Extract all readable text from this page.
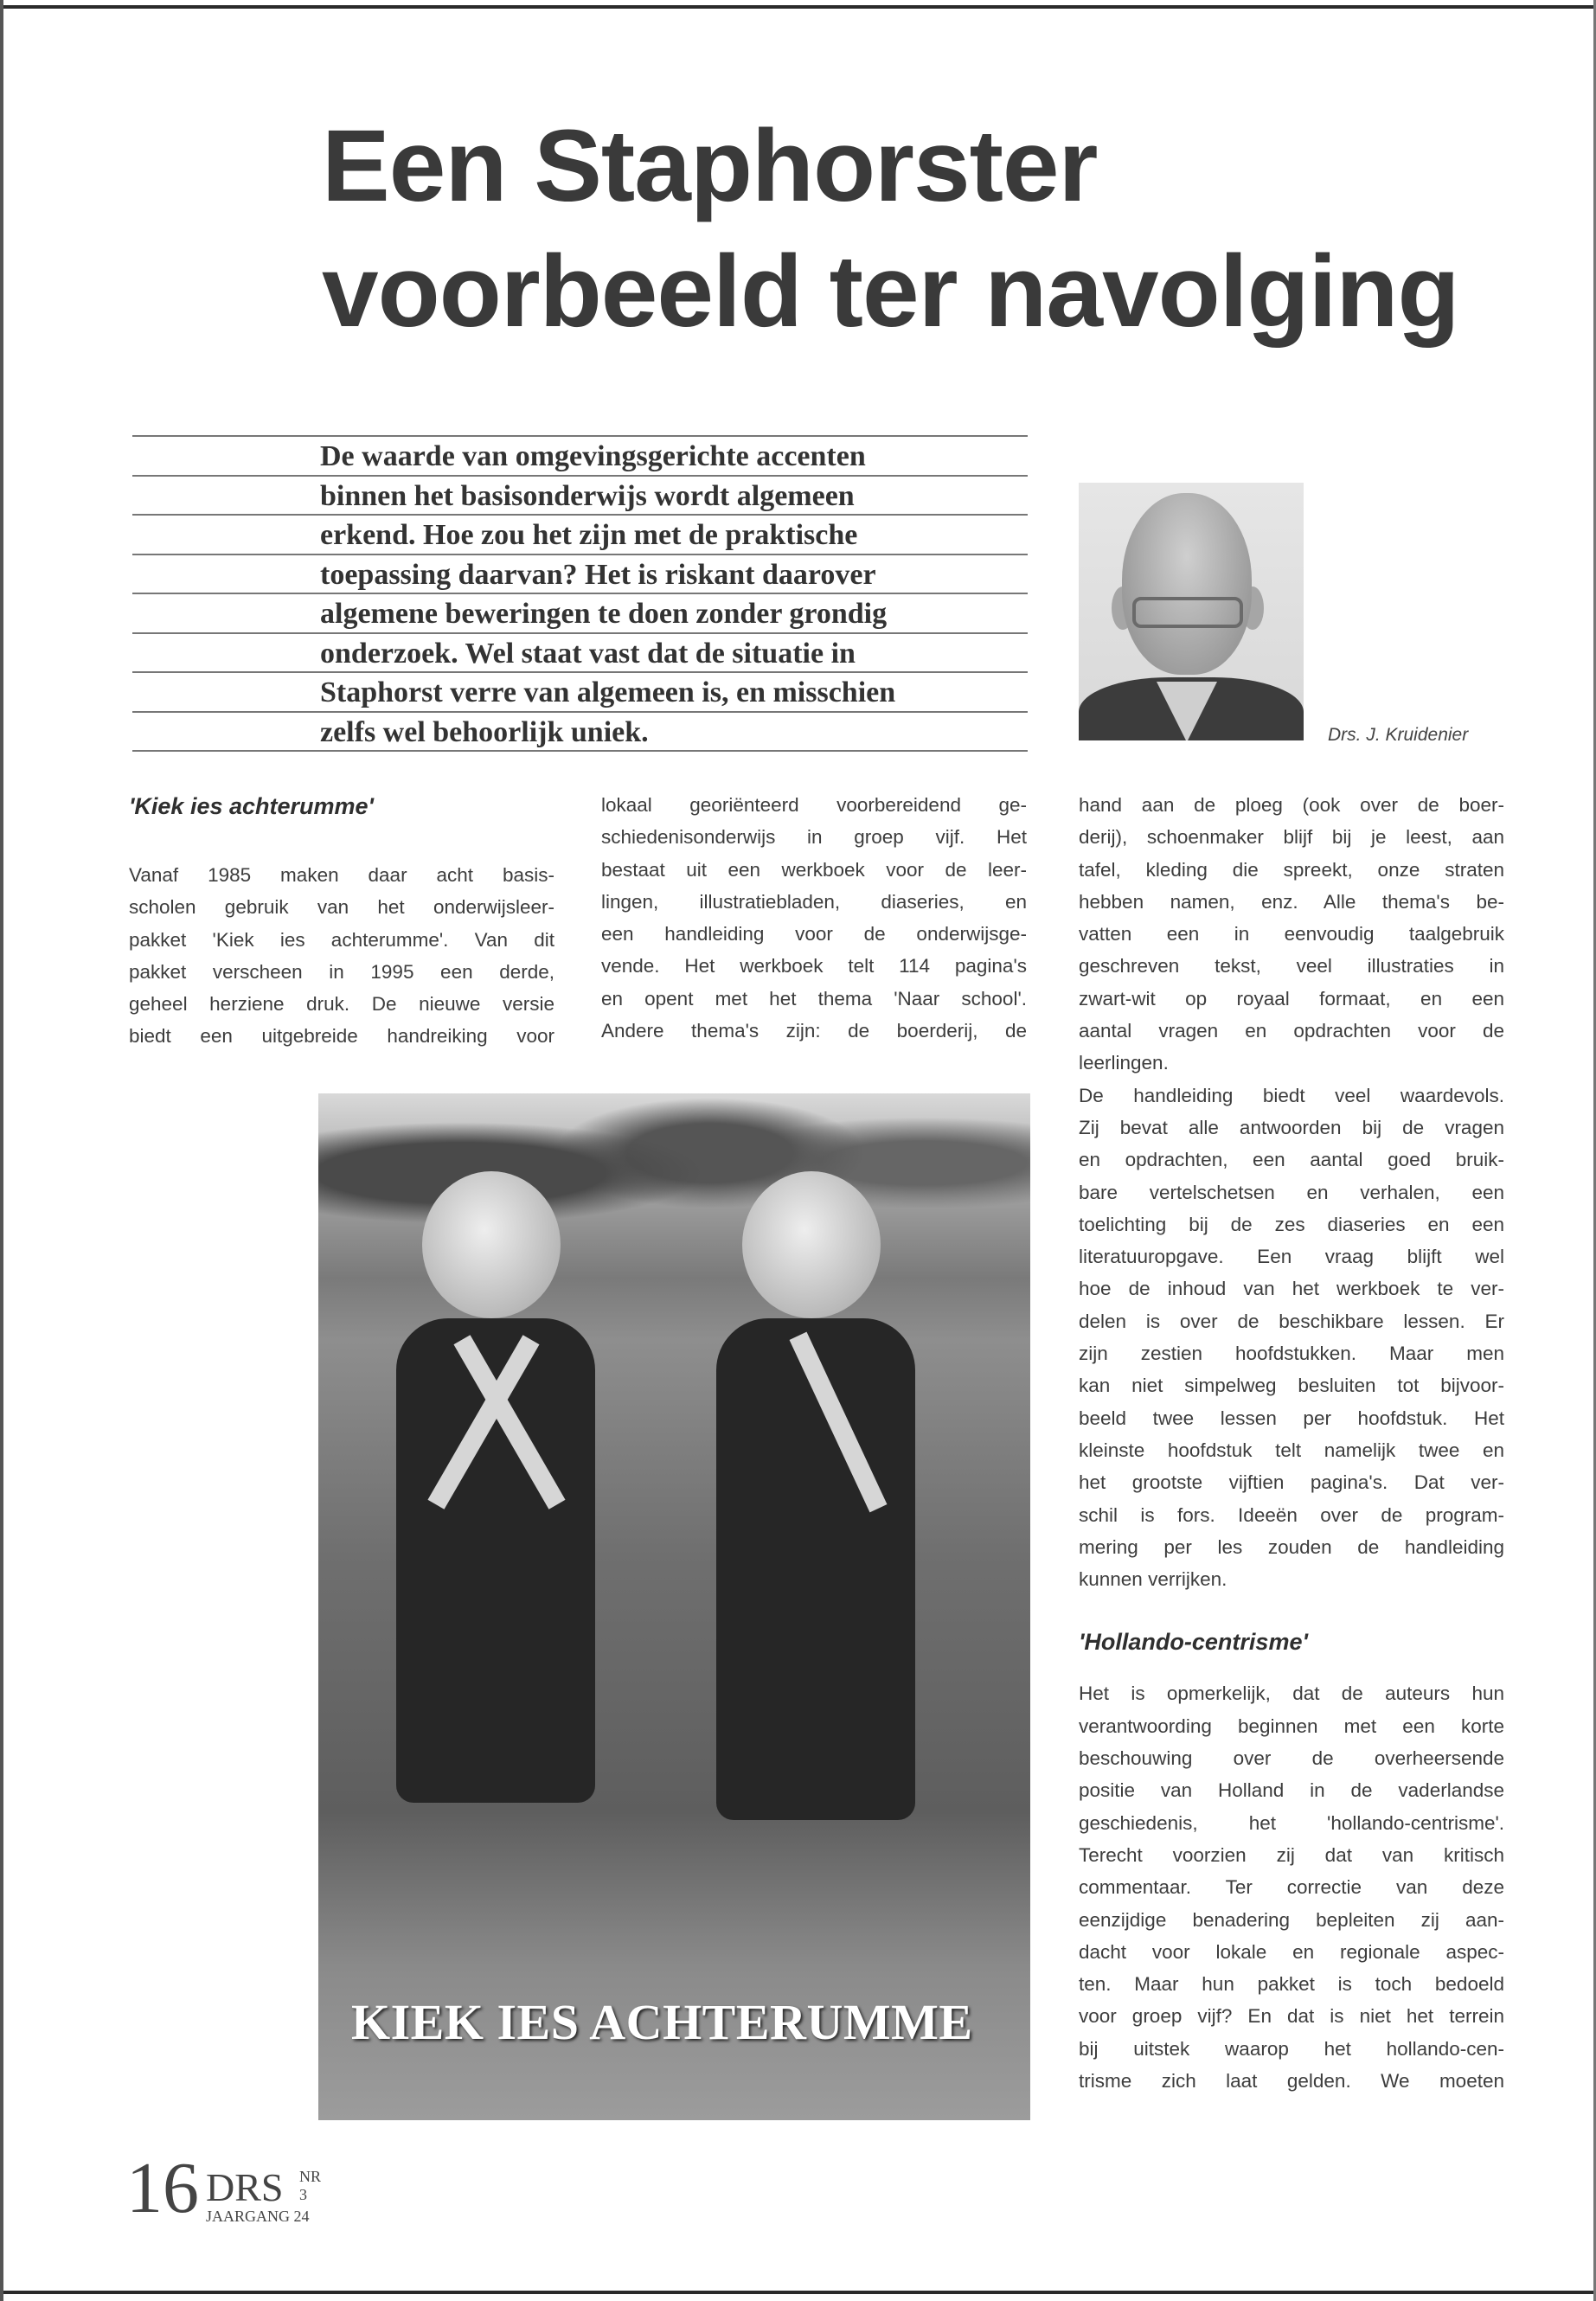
Een Staphorster
voorbeeld ter navolging
De waarde van omgevingsgerichte accenten
binnen het basisonderwijs wordt algemeen
erkend. Hoe zou het zijn met de praktische
toepassing daarvan? Het is riskant daarover
algemene beweringen te doen zonder grondig
onderzoek. Wel staat vast dat de situatie in
Staphorst verre van algemeen is, en misschien
zelfs wel behoorlijk uniek.	Drs. J. Kruidenier
'Kiek ies achterumme'
Vanaf 1985 maken daar acht basis-
scholen gebruik van het onderwijsleer-
pakket 'Kiek ies achterumme'. Van dit
pakket verscheen in 1995 een derde,
geheel herziene druk. De nieuwe versie
biedt een uitgebreide handreiking voor
lokaal georiënteerd voorbereidend ge-
schiedenisonderwijs in groep vijf. Het
bestaat uit een werkboek voor de leer-
lingen, illustratiebladen, diaseries, en
een handleiding voor de onderwijsge-
vende. Het werkboek telt 114 pagina's
en opent met het thema 'Naar school'.
Andere thema's zijn: de boerderij, de
hand aan de ploeg (ook over de boer-
derij), schoenmaker blijf bij je leest, aan
tafel, kleding die spreekt, onze straten
hebben namen, enz. Alle thema's be-
vatten een in eenvoudig taalgebruik
geschreven tekst, veel illustraties in
zwart-wit op royaal formaat, en een
aantal vragen en opdrachten voor de
leerlingen.
De handleiding biedt veel waardevols.
Zij bevat alle antwoorden bij de vragen
en opdrachten, een aantal goed bruik-
bare vertelschetsen en verhalen, een
toelichting bij de zes diaseries en een
literatuuropgave. Een vraag blijft wel
hoe de inhoud van het werkboek te ver-
delen is over de beschikbare lessen. Er
zijn zestien hoofdstukken. Maar men
kan niet simpelweg besluiten tot bijvoor-
beeld twee lessen per hoofdstuk. Het
kleinste hoofdstuk telt namelijk twee en
het grootste vijftien pagina's. Dat ver-
schil is fors. Ideeën over de program-
mering per les zouden de handleiding
kunnen verrijken.
'Hollando-centrisme'
Het is opmerkelijk, dat de auteurs hun
verantwoording beginnen met een korte
beschouwing over de overheersende
positie van Holland in de vaderlandse
geschiedenis, het 'hollando-centrisme'.
Terecht voorzien zij dat van kritisch
commentaar. Ter correctie van deze
eenzijdige benadering bepleiten zij aan-
dacht voor lokale en regionale aspec-
ten. Maar hun pakket is toch bedoeld
voor groep vijf? En dat is niet het terrein
bij uitstek waarop het hollando-cen-
trisme zich laat gelden. We moeten
KIEK IES ACHTERUMME
16 DRS NR 3
JAARGANG 24
